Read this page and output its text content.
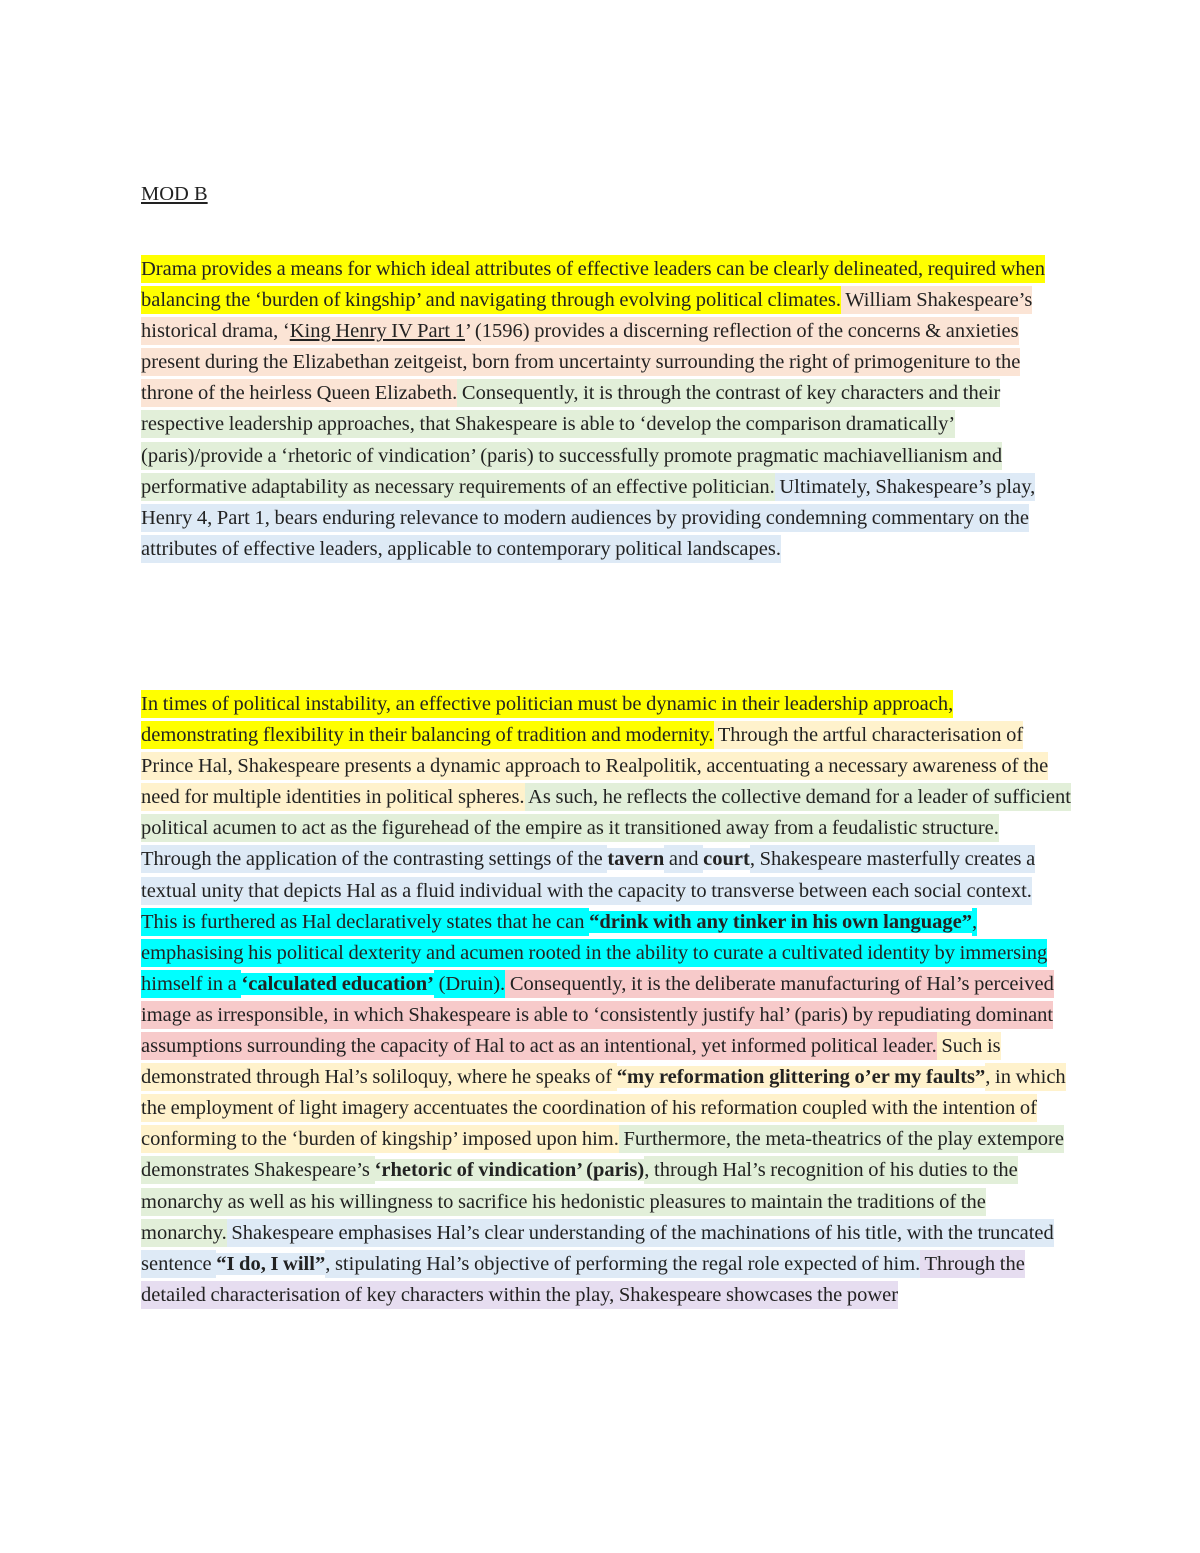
MOD B
Drama provides a means for which ideal attributes of effective leaders can be clearly delineated, required when balancing the ‘burden of kingship’ and navigating through evolving political climates. William Shakespeare’s historical drama, ‘King Henry IV Part 1’ (1596) provides a discerning reflection of the concerns & anxieties present during the Elizabethan zeitgeist, born from uncertainty surrounding the right of primogeniture to the throne of the heirless Queen Elizabeth. Consequently, it is through the contrast of key characters and their respective leadership approaches, that Shakespeare is able to ‘develop the comparison dramatically’ (paris)/provide a ‘rhetoric of vindication’ (paris) to successfully promote pragmatic machiavellianism and performative adaptability as necessary requirements of an effective politician. Ultimately, Shakespeare’s play, Henry 4, Part 1, bears enduring relevance to modern audiences by providing condemning commentary on the attributes of effective leaders, applicable to contemporary political landscapes.
In times of political instability, an effective politician must be dynamic in their leadership approach, demonstrating flexibility in their balancing of tradition and modernity. Through the artful characterisation of Prince Hal, Shakespeare presents a dynamic approach to Realpolitik, accentuating a necessary awareness of the need for multiple identities in political spheres. As such, he reflects the collective demand for a leader of sufficient political acumen to act as the figurehead of the empire as it transitioned away from a feudalistic structure. Through the application of the contrasting settings of the tavern and court, Shakespeare masterfully creates a textual unity that depicts Hal as a fluid individual with the capacity to transverse between each social context. This is furthered as Hal declaratively states that he can “drink with any tinker in his own language”, emphasising his political dexterity and acumen rooted in the ability to curate a cultivated identity by immersing himself in a ‘calculated education’ (Druin). Consequently, it is the deliberate manufacturing of Hal’s perceived image as irresponsible, in which Shakespeare is able to ‘consistently justify hal’ (paris) by repudiating dominant assumptions surrounding the capacity of Hal to act as an intentional, yet informed political leader. Such is demonstrated through Hal’s soliloquy, where he speaks of “my reformation glittering o’er my faults”, in which the employment of light imagery accentuates the coordination of his reformation coupled with the intention of conforming to the ‘burden of kingship’ imposed upon him. Furthermore, the meta-theatrics of the play extempore demonstrates Shakespeare’s ‘rhetoric of vindication’ (paris), through Hal’s recognition of his duties to the monarchy as well as his willingness to sacrifice his hedonistic pleasures to maintain the traditions of the monarchy. Shakespeare emphasises Hal’s clear understanding of the machinations of his title, with the truncated sentence “I do, I will”, stipulating Hal’s objective of performing the regal role expected of him. Through the detailed characterisation of key characters within the play, Shakespeare showcases the power
